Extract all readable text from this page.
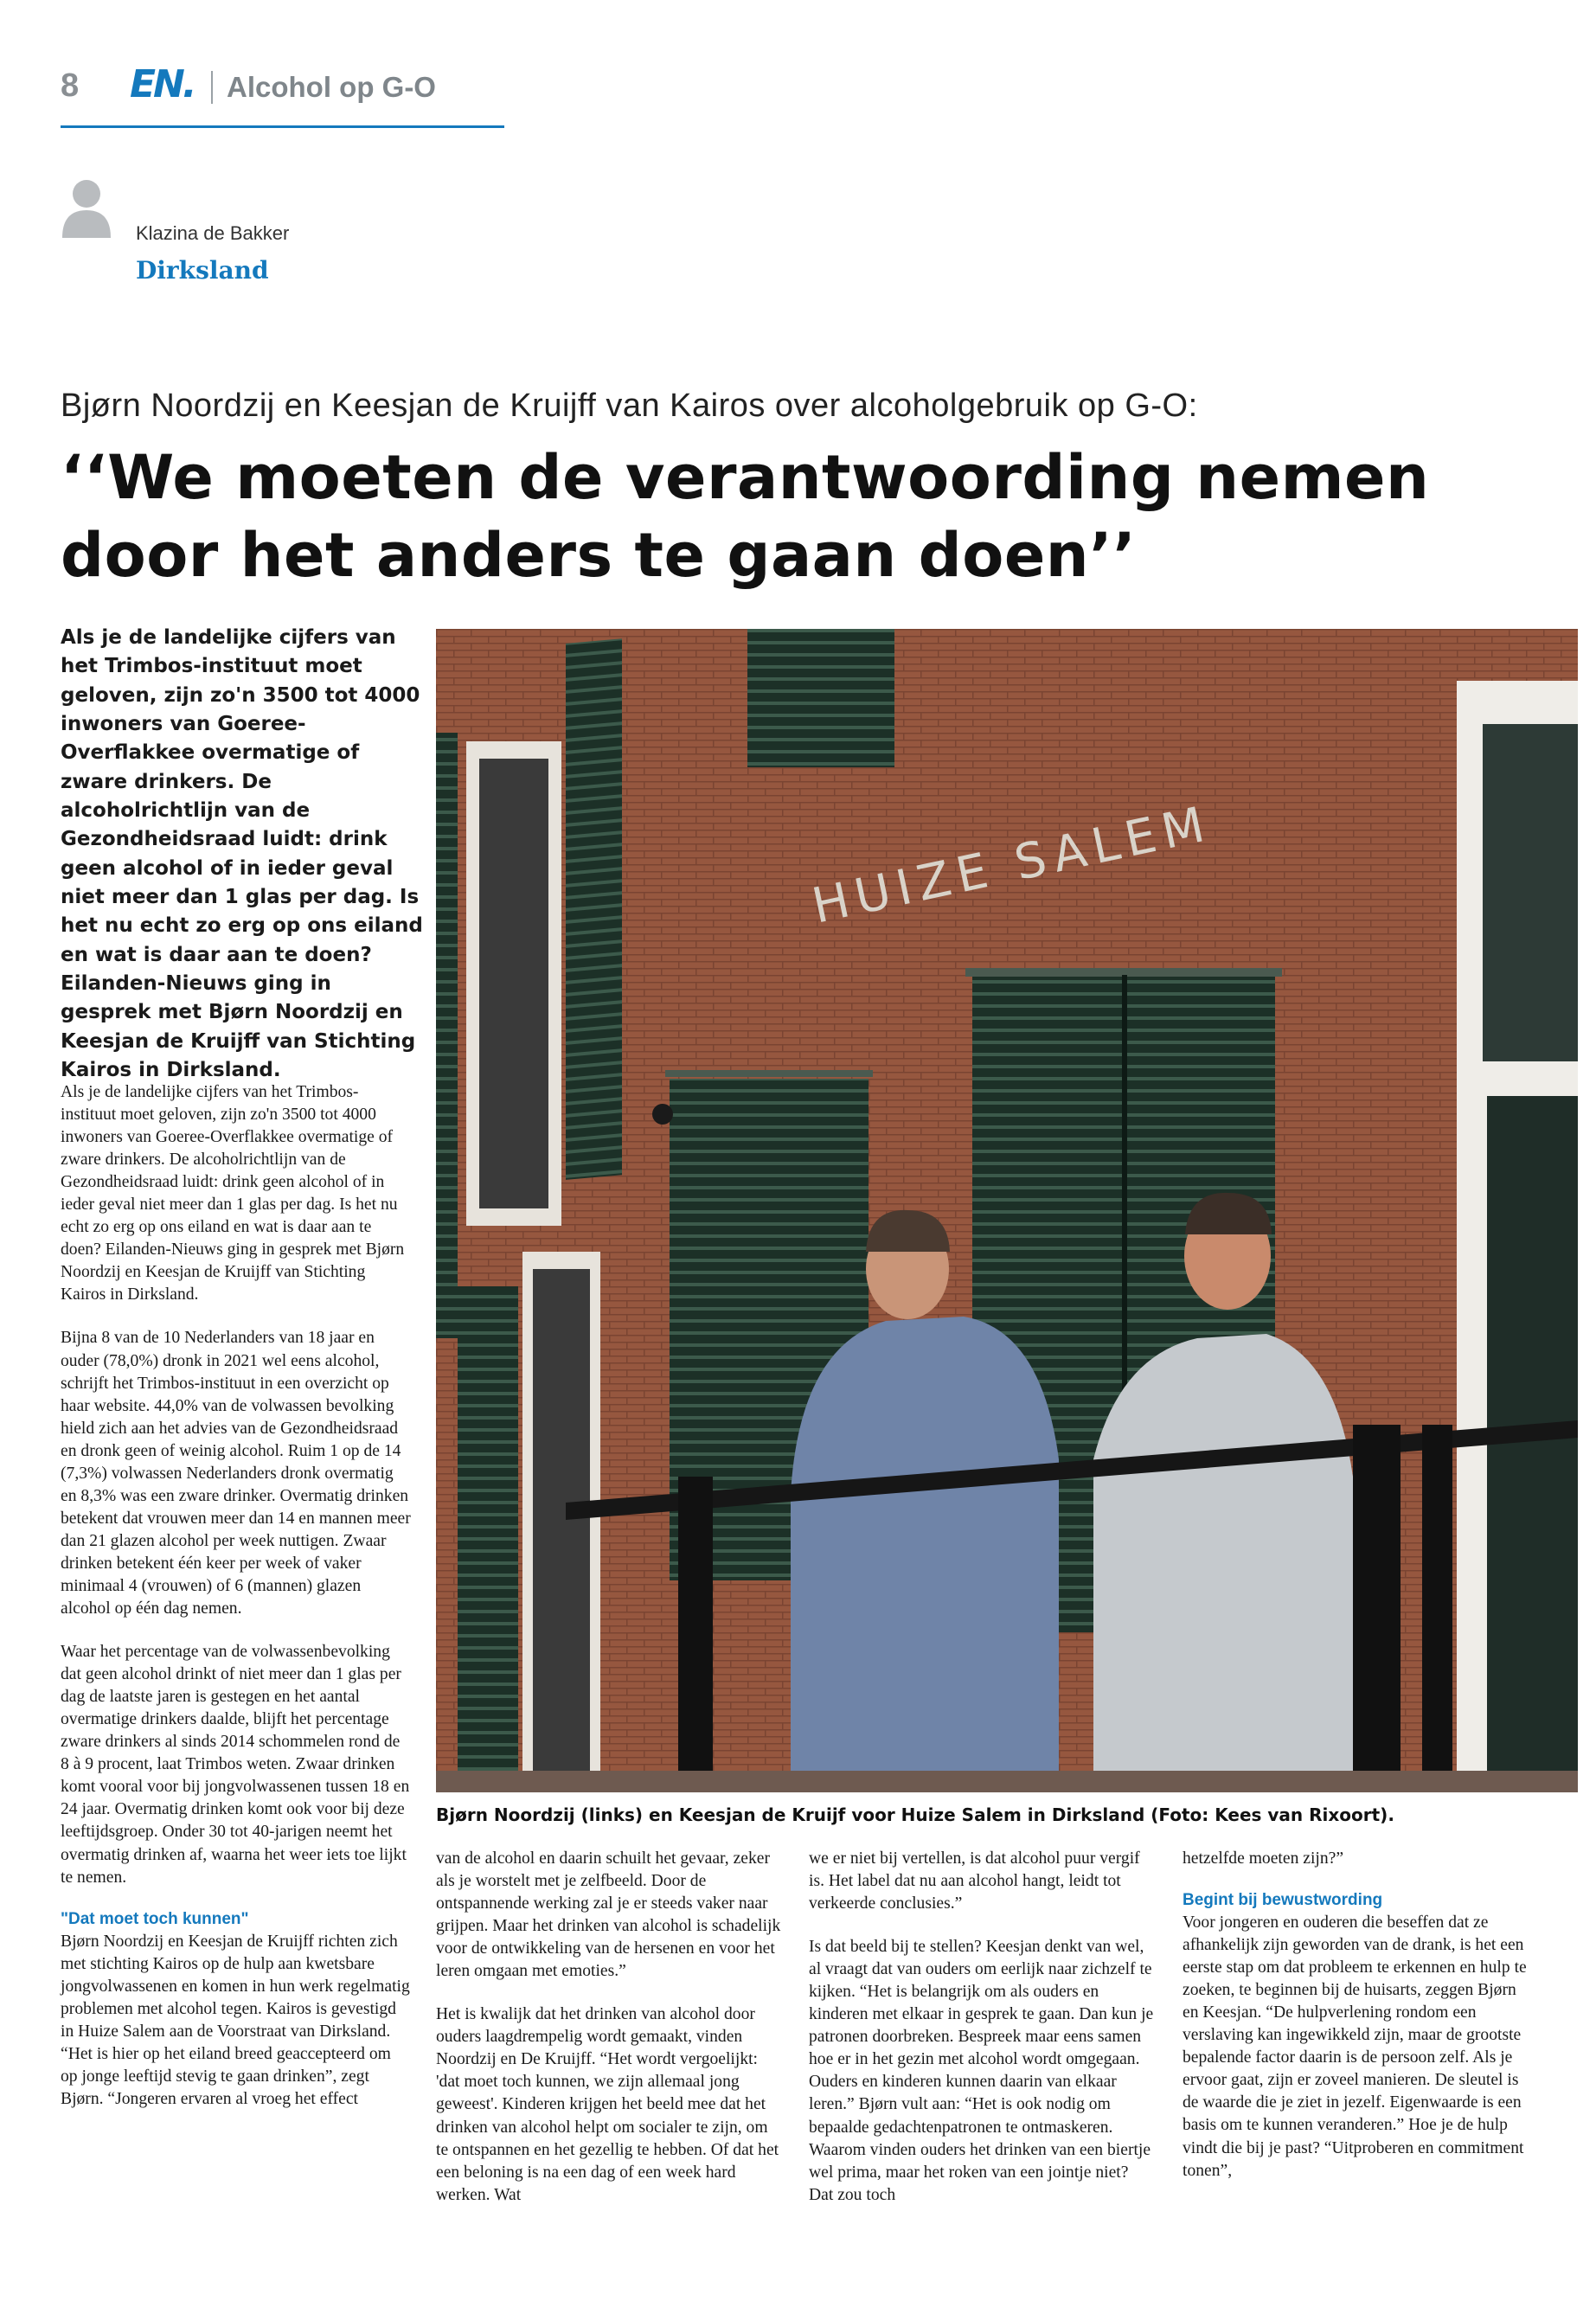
8 EN. Alcohol op G-O
Klazina de Bakker
Dirksland
Bjørn Noordzij en Keesjan de Kruijff van Kairos over alcoholgebruik op G-O:
‘‘We moeten de verantwoording nemen door het anders te gaan doen’’

Als je de landelijke cijfers van het Trimbos-instituut moet geloven, zijn zo'n 3500 tot 4000 inwoners van Goeree-Overflakkee overmatige of zware drinkers. De alcoholrichtlijn van de Gezondheidsraad luidt: drink geen alcohol of in ieder geval niet meer dan 1 glas per dag. Is het nu echt zo erg op ons eiland en wat is daar aan te doen? Eilanden-Nieuws ging in gesprek met Bjørn Noordzij en Keesjan de Kruijff van Stichting Kairos in Dirksland.

HUIZE SALEM
Bjørn Noordzij (links) en Keesjan de Kruijf voor Huize Salem in Dirksland (Foto: Kees van Rixoort).

Als je de landelijke cijfers van het Trimbos-instituut moet geloven, zijn zo'n 3500 tot 4000 inwoners van Goeree-Overflakkee overmatige of zware drinkers. De alcoholrichtlijn van de Gezondheidsraad luidt: drink geen alcohol of in ieder geval niet meer dan 1 glas per dag. Is het nu echt zo erg op ons eiland en wat is daar aan te doen? Eilanden-Nieuws ging in gesprek met Bjørn Noordzij en Keesjan de Kruijff van Stichting Kairos in Dirksland.

Bijna 8 van de 10 Nederlanders van 18 jaar en ouder (78,0%) dronk in 2021 wel eens alcohol, schrijft het Trimbos-instituut in een overzicht op haar website. 44,0% van de volwassen bevolking hield zich aan het advies van de Gezondheidsraad en dronk geen of weinig alcohol. Ruim 1 op de 14 (7,3%) volwassen Nederlanders dronk overmatig en 8,3% was een zware drinker. Overmatig drinken betekent dat vrouwen meer dan 14 en mannen meer dan 21 glazen alcohol per week nuttigen. Zwaar drinken betekent één keer per week of vaker minimaal 4 (vrouwen) of 6 (mannen) glazen alcohol op één dag nemen.

Waar het percentage van de volwassenbevolking dat geen alcohol drinkt of niet meer dan 1 glas per dag de laatste jaren is gestegen en het aantal overmatige drinkers daalde, blijft het percentage zware drinkers al sinds 2014 schommelen rond de 8 à 9 procent, laat Trimbos weten. Zwaar drinken komt vooral voor bij jongvolwassenen tussen 18 en 24 jaar. Overmatig drinken komt ook voor bij deze leeftijdsgroep. Onder 30 tot 40-jarigen neemt het overmatig drinken af, waarna het weer iets toe lijkt te nemen.

"Dat moet toch kunnen"

Bjørn Noordzij en Keesjan de Kruijff richten zich met stichting Kairos op de hulp aan kwetsbare jongvolwassenen en komen in hun werk regelmatig problemen met alcohol tegen. Kairos is gevestigd in Huize Salem aan de Voorstraat van Dirksland. “Het is hier op het eiland breed geaccepteerd om op jonge leeftijd stevig te gaan drinken”, zegt Bjørn. “Jongeren ervaren al vroeg het effect

van de alcohol en daarin schuilt het gevaar, zeker als je worstelt met je zelfbeeld. Door de ontspannende werking zal je er steeds vaker naar grijpen. Maar het drinken van alcohol is schadelijk voor de ontwikkeling van de hersenen en voor het leren omgaan met emoties.”

Het is kwalijk dat het drinken van alcohol door ouders laagdrempelig wordt gemaakt, vinden Noordzij en De Kruijff. “Het wordt vergoelijkt: 'dat moet toch kunnen, we zijn allemaal jong geweest'. Kinderen krijgen het beeld mee dat het drinken van alcohol helpt om socialer te zijn, om te ontspannen en het gezellig te hebben. Of dat het een beloning is na een dag of een week hard werken. Wat

we er niet bij vertellen, is dat alcohol puur vergif is. Het label dat nu aan alcohol hangt, leidt tot verkeerde conclusies.”

Is dat beeld bij te stellen? Keesjan denkt van wel, al vraagt dat van ouders om eerlijk naar zichzelf te kijken. “Het is belangrijk om als ouders en kinderen met elkaar in gesprek te gaan. Dan kun je patronen doorbreken. Bespreek maar eens samen hoe er in het gezin met alcohol wordt omgegaan. Ouders en kinderen kunnen daarin van elkaar leren.” Bjørn vult aan: “Het is ook nodig om bepaalde gedachtenpatronen te ontmaskeren. Waarom vinden ouders het drinken van een biertje wel prima, maar het roken van een jointje niet? Dat zou toch

hetzelfde moeten zijn?”

Begint bij bewustwording

Voor jongeren en ouderen die beseffen dat ze afhankelijk zijn geworden van de drank, is het een eerste stap om dat probleem te erkennen en hulp te zoeken, te beginnen bij de huisarts, zeggen Bjørn en Keesjan. “De hulpverlening rondom een verslaving kan ingewikkeld zijn, maar de grootste bepalende factor daarin is de persoon zelf. Als je ervoor gaat, zijn er zoveel manieren. De sleutel is de waarde die je ziet in jezelf. Eigenwaarde is een basis om te kunnen veranderen.” Hoe je de hulp vindt die bij je past? “Uitproberen en commitment tonen”,
